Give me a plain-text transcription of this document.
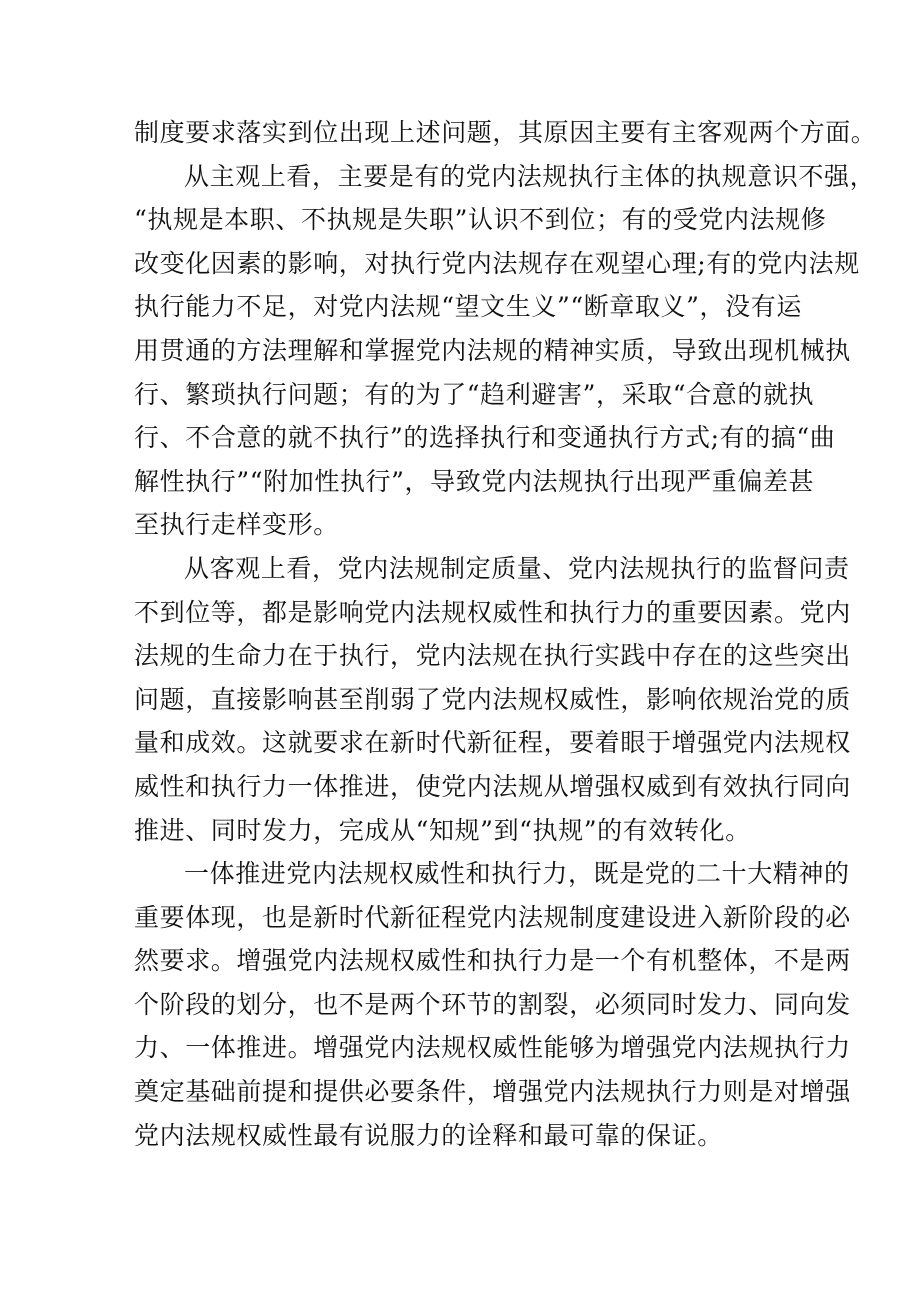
制度要求落实到位出现上述问题，其原因主要有主客观两个方面。
从主观上看，主要是有的党内法规执行主体的执规意识不强，
“执规是本职、不执规是失职”认识不到位；有的受党内法规修
改变化因素的影响，对执行党内法规存在观望心理;有的党内法规
执行能力不足，对党内法规“望文生义”“断章取义”，没有运
用贯通的方法理解和掌握党内法规的精神实质，导致出现机械执
行、繁琐执行问题；有的为了“趋利避害”，采取“合意的就执
行、不合意的就不执行”的选择执行和变通执行方式;有的搞“曲
解性执行”“附加性执行”，导致党内法规执行出现严重偏差甚
至执行走样变形。
从客观上看，党内法规制定质量、党内法规执行的监督问责
不到位等，都是影响党内法规权威性和执行力的重要因素。党内
法规的生命力在于执行，党内法规在执行实践中存在的这些突出
问题，直接影响甚至削弱了党内法规权威性，影响依规治党的质
量和成效。这就要求在新时代新征程，要着眼于增强党内法规权
威性和执行力一体推进，使党内法规从增强权威到有效执行同向
推进、同时发力，完成从“知规”到“执规”的有效转化。
一体推进党内法规权威性和执行力，既是党的二十大精神的
重要体现，也是新时代新征程党内法规制度建设进入新阶段的必
然要求。增强党内法规权威性和执行力是一个有机整体，不是两
个阶段的划分，也不是两个环节的割裂，必须同时发力、同向发
力、一体推进。增强党内法规权威性能够为增强党内法规执行力
奠定基础前提和提供必要条件，增强党内法规执行力则是对增强
党内法规权威性最有说服力的诠释和最可靠的保证。
